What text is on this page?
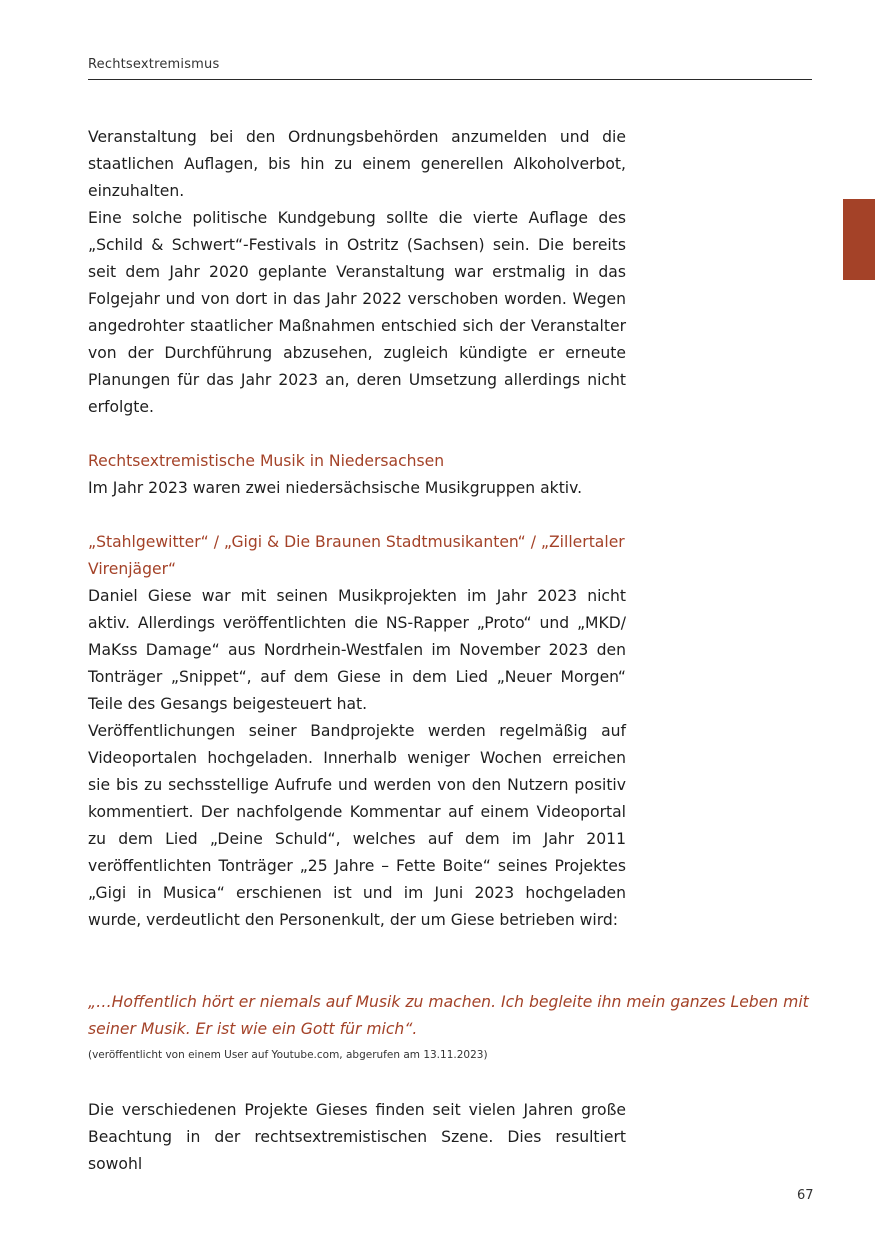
Rechtsextremismus

Veranstaltung bei den Ordnungsbehörden anzumelden und die staatlichen Auflagen, bis hin zu einem generellen Alkoholverbot, einzuhalten.

Eine solche politische Kundgebung sollte die vierte Auflage des „Schild & Schwert“-Festivals in Ostritz (Sachsen) sein. Die bereits seit dem Jahr 2020 geplante Veranstaltung war erstmalig in das Folgejahr und von dort in das Jahr 2022 verschoben worden. Wegen angedrohter staatlicher Maßnahmen entschied sich der Veranstalter von der Durchführung abzusehen, zugleich kündigte er erneute Planungen für das Jahr 2023 an, deren Umsetzung allerdings nicht erfolgte.

Rechtsextremistische Musik in Niedersachsen

Im Jahr 2023 waren zwei niedersächsische Musikgruppen aktiv.

„Stahlgewitter“ / „Gigi & Die Braunen Stadtmusikanten“ / „Zillertaler Virenjäger“

Daniel Giese war mit seinen Musikprojekten im Jahr 2023 nicht aktiv. Allerdings veröffentlichten die NS-Rapper „Proto“ und „MKD/​MaKss Damage“ aus Nordrhein-Westfalen im November 2023 den Tonträger „Snippet“, auf dem Giese in dem Lied „Neuer Morgen“ Teile des Gesangs beigesteuert hat.

Veröffentlichungen seiner Bandprojekte werden regelmäßig auf Videoportalen hochgeladen. Innerhalb weniger Wochen erreichen sie bis zu sechsstellige Aufrufe und werden von den Nutzern positiv kommentiert. Der nachfolgende Kommentar auf einem Videoportal zu dem Lied „Deine Schuld“, welches auf dem im Jahr 2011 veröffentlichten Tonträger „25 Jahre – Fette Boite“ seines Projektes „Gigi in Musica“ erschienen ist und im Juni 2023 hochgeladen wurde, verdeutlicht den Personenkult, der um Giese betrieben wird:

„…Hoffentlich hört er niemals auf Musik zu machen. Ich begleite ihn mein ganzes Leben mit

seiner Musik. Er ist wie ein Gott für mich“.

(veröffentlicht von einem User auf Youtube.com, abgerufen am 13.11.2023)

Die verschiedenen Projekte Gieses finden seit vielen Jahren große Beachtung in der rechtsextremistischen Szene. Dies resultiert sowohl

67
